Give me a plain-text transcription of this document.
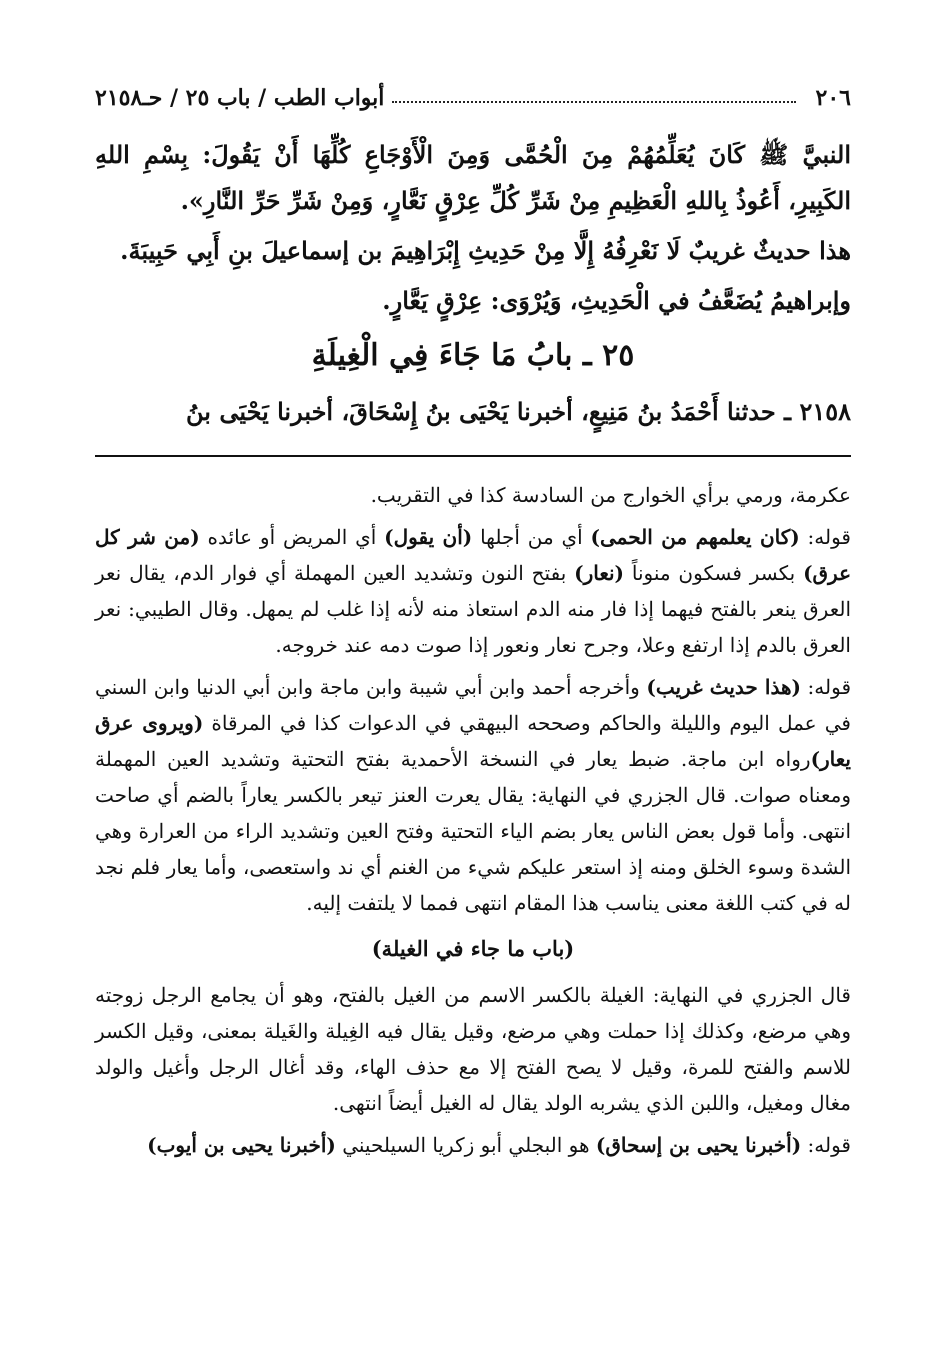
٢٠٦
أبواب الطب / باب ٢٥ / حـ٢١٥٨

النبيَّ ﷺ كَانَ يُعَلِّمُهُمْ مِنَ الْحُمَّى وَمِنَ الْأَوْجَاعِ كُلِّهَا أَنْ يَقُولَ: بِسْمِ اللهِ الكَبِيرِ، أَعُوذُ بِاللهِ الْعَظِيمِ مِنْ شَرِّ كُلِّ عِرْقٍ نَعَّارٍ، وَمِنْ شَرِّ حَرِّ النَّارِ».

هذا حديثٌ غريبٌ لَا نَعْرِفُهُ إِلَّا مِنْ حَدِيثِ إِبْرَاهِيمَ بن إسماعيلَ بنِ أَبِي حَبِيبَةَ.

وإبراهيمُ يُضَعَّفُ في الْحَدِيثِ، وَيُرْوَى: عِرْقٍ يَعَّارٍ.

٢٥ ـ بابُ مَا جَاءَ فِي الْغِيلَةِ
٢١٥٨ ـ حدثنا أَحْمَدُ بنُ مَنِيعٍ، أخبرنا يَحْيَى بنُ إِسْحَاقَ، أخبرنا يَحْيَى بنُ

عكرمة، ورمي برأي الخوارج من السادسة كذا في التقريب.

قوله: (كان يعلمهم من الحمى) أي من أجلها (أن يقول) أي المريض أو عائده (من شر كل عرق) بكسر فسكون منوناً (نعار) بفتح النون وتشديد العين المهملة أي فوار الدم، يقال نعر العرق ينعر بالفتح فيهما إذا فار منه الدم استعاذ منه لأنه إذا غلب لم يمهل. وقال الطيبي: نعر العرق بالدم إذا ارتفع وعلا، وجرح نعار ونعور إذا صوت دمه عند خروجه.

قوله: (هذا حديث غريب) وأخرجه أحمد وابن أبي شيبة وابن ماجة وابن أبي الدنيا وابن السني في عمل اليوم والليلة والحاكم وصححه البيهقي في الدعوات كذا في المرقاة (ويروى عرق يعار)رواه ابن ماجة. ضبط يعار في النسخة الأحمدية بفتح التحتية وتشديد العين المهملة ومعناه صوات. قال الجزري في النهاية: يقال يعرت العنز تيعر بالكسر يعاراً بالضم أي صاحت انتهى. وأما قول بعض الناس يعار بضم الياء التحتية وفتح العين وتشديد الراء من العرارة وهي الشدة وسوء الخلق ومنه إذ استعر عليكم شيء من الغنم أي ند واستعصى، وأما يعار فلم نجد له في كتب اللغة معنى يناسب هذا المقام انتهى فمما لا يلتفت إليه.

(باب ما جاء في الغيلة)

قال الجزري في النهاية: الغيلة بالكسر الاسم من الغيل بالفتح، وهو أن يجامع الرجل زوجته وهي مرضع، وكذلك إذا حملت وهي مرضع، وقيل يقال فيه الغِيلة والغَيلة بمعنى، وقيل الكسر للاسم والفتح للمرة، وقيل لا يصح الفتح إلا مع حذف الهاء، وقد أغال الرجل وأغيل والولد مغال ومغيل، واللبن الذي يشربه الولد يقال له الغيل أيضاً انتهى.

قوله: (أخبرنا يحيى بن إسحاق) هو البجلي أبو زكريا السيلحيني (أخبرنا يحيى بن أيوب)
